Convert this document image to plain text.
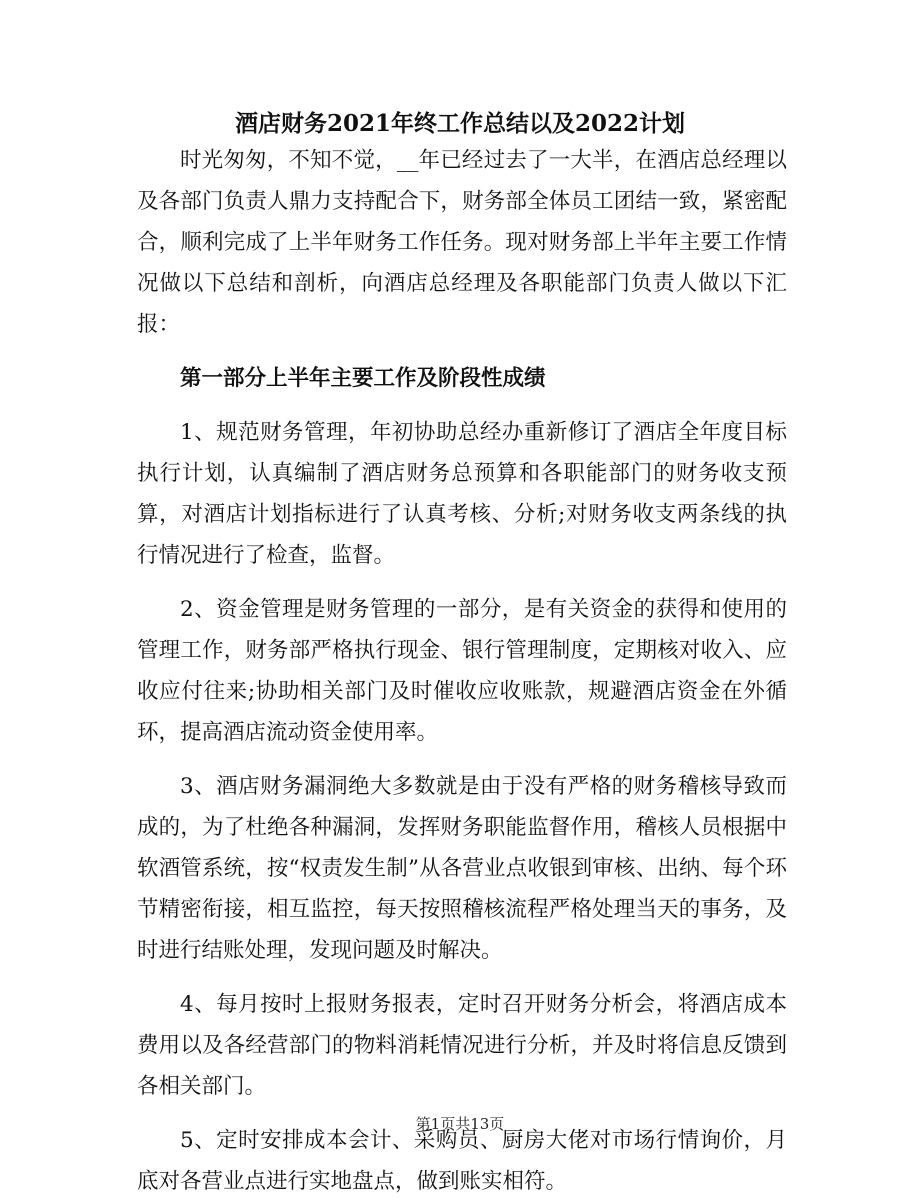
酒店财务2021年终工作总结以及2022计划

时光匆匆，不知不觉，__年已经过去了一大半，在酒店总经理以及各部门负责人鼎力支持配合下，财务部全体员工团结一致，紧密配合，顺利完成了上半年财务工作任务。现对财务部上半年主要工作情况做以下总结和剖析，向酒店总经理及各职能部门负责人做以下汇报：

第一部分上半年主要工作及阶段性成绩

1、规范财务管理，年初协助总经办重新修订了酒店全年度目标执行计划，认真编制了酒店财务总预算和各职能部门的财务收支预算，对酒店计划指标进行了认真考核、分析;对财务收支两条线的执行情况进行了检查，监督。

2、资金管理是财务管理的一部分，是有关资金的获得和使用的管理工作，财务部严格执行现金、银行管理制度，定期核对收入、应收应付往来;协助相关部门及时催收应收账款，规避酒店资金在外循环，提高酒店流动资金使用率。

3、酒店财务漏洞绝大多数就是由于没有严格的财务稽核导致而成的，为了杜绝各种漏洞，发挥财务职能监督作用，稽核人员根据中软酒管系统，按“权责发生制”从各营业点收银到审核、出纳、每个环节精密衔接，相互监控，每天按照稽核流程严格处理当天的事务，及时进行结账处理，发现问题及时解决。

4、每月按时上报财务报表，定时召开财务分析会，将酒店成本费用以及各经营部门的物料消耗情况进行分析，并及时将信息反馈到各相关部门。

5、定时安排成本会计、采购员、厨房大佬对市场行情询价，月底对各营业点进行实地盘点，做到账实相符。

第1页共13页
